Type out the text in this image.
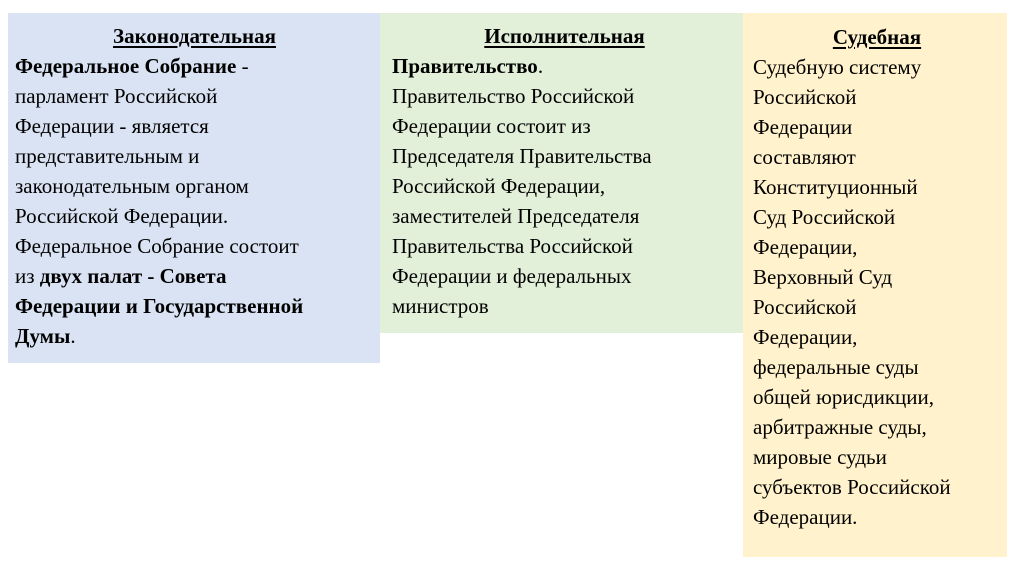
Законодательная
Федеральное Собрание -
парламент Российской
Федерации - является
представительным и
законодательным органом
Российской Федерации.
Федеральное Собрание состоит
из двух палат - Совета
Федерации и Государственной
Думы.
Исполнительная
Правительство.
Правительство Российской
Федерации состоит из
Председателя Правительства
Российской Федерации,
заместителей Председателя
Правительства Российской
Федерации и федеральных
министров
Судебная
Судебную систему
Российской
Федерации
составляют
Конституционный
Суд Российской
Федерации,
Верховный Суд
Российской
Федерации,
федеральные суды
общей юрисдикции,
арбитражные суды,
мировые судьи
субъектов Российской
Федерации.
